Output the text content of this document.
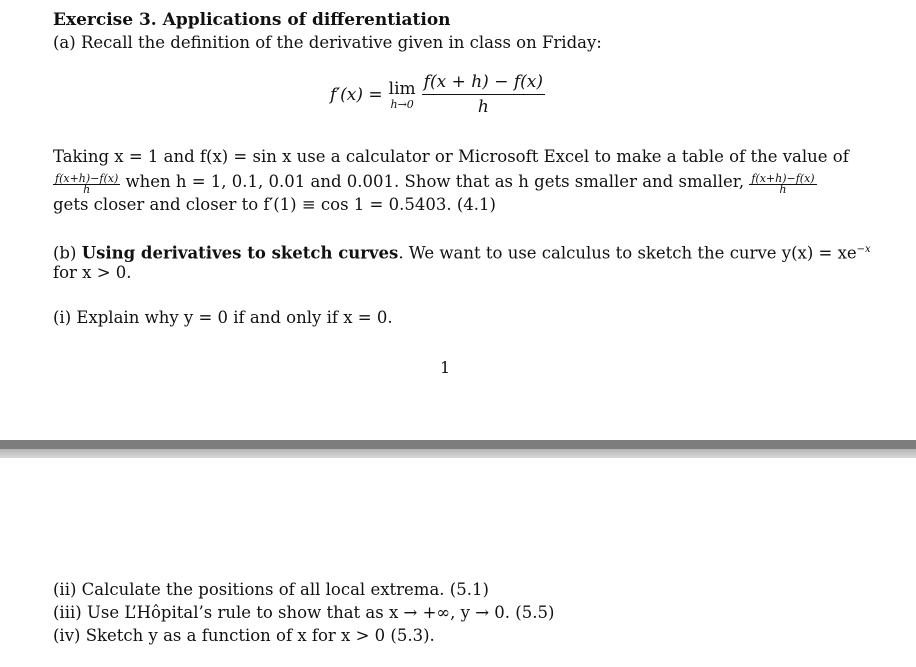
Exercise 3. Applications of differentiation
(a) Recall the definition of the derivative given in class on Friday:
f′(x) = lim
$h\to 0 \frac{f(x + h) - f(x)}{h}$
Taking x = 1 and f(x) = sin x use a calculator or Microsoft Excel to make a table of the value of
$\frac{f(x+h)-f(x)}{h}$ when h = 1, 0.1, 0.01 and 0.001. Show that as h gets smaller and smaller, $\frac{f(x+h)-f(x)}{h}$
gets closer and closer to f′(1) ≡ cos 1 = 0.5403. (4.1)
(b) Using derivatives to sketch curves. We want to use calculus to sketch the curve $y(x) = xe^{-x}$
for x > 0.
(i) Explain why y = 0 if and only if x = 0.
1
(ii) Calculate the positions of all local extrema. (5.1)
(iii) Use L’Hôpital’s rule to show that as x → +∞, y → 0. (5.5)
(iv) Sketch y as a function of x for x > 0 (5.3).
